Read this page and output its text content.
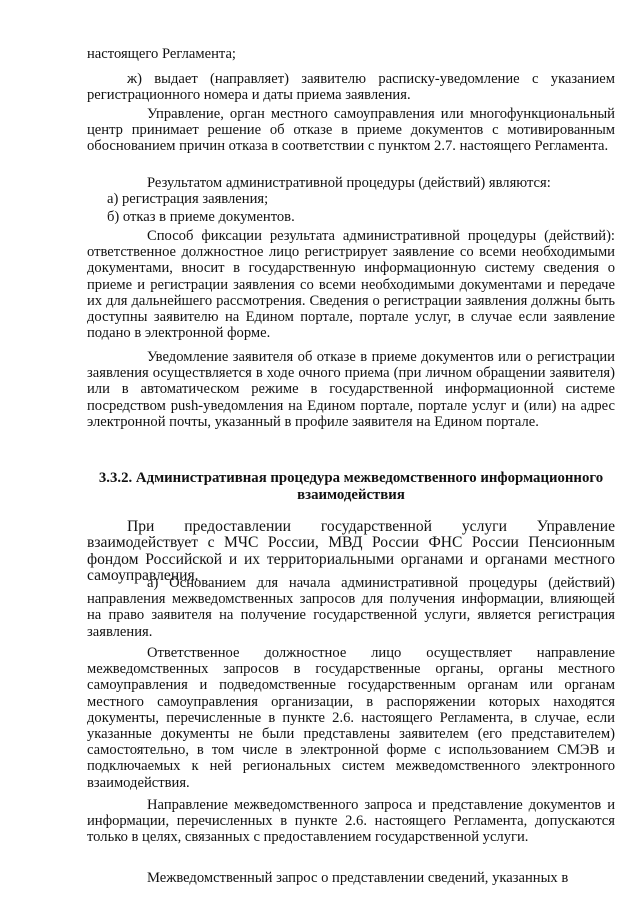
настоящего Регламента;

ж) выдает (направляет) заявителю расписку-уведомление с указанием регистрационного номера и даты приема заявления.

Управление, орган местного самоуправления или многофункциональный центр принимает решение об отказе в приеме документов с мотивированным обоснованием причин отказа в соответствии с пунктом 2.7. настоящего Регламента.

Результатом административной процедуры (действий) являются:

а) регистрация заявления;

б) отказ в приеме документов.

Способ фиксации результата административной процедуры (действий): ответственное должностное лицо регистрирует заявление со всеми необходимыми документами, вносит в государственную информационную систему сведения о приеме и регистрации заявления со всеми необходимыми документами и передаче их для дальнейшего рассмотрения. Сведения о регистрации заявления должны быть доступны заявителю на Едином портале, портале услуг, в случае если заявление подано в электронной форме.

Уведомление заявителя об отказе в приеме документов или о регистрации заявления осуществляется в ходе очного приема (при личном обращении заявителя) или в автоматическом режиме в государственной информационной системе посредством push-уведомления на Едином портале, портале услуг и (или) на адрес электронной почты, указанный в профиле заявителя на Едином портале.

3.3.2. Административная процедура межведомственного информационного взаимодействия

При предоставлении государственной услуги Управление взаимодействует с МЧС России, МВД России ФНС России Пенсионным фондом Российской и их территориальными органами и органами местного самоуправления.

а) Основанием для начала административной процедуры (действий) направления межведомственных запросов для получения информации, влияющей на право заявителя на получение государственной услуги, является регистрация заявления.

Ответственное должностное лицо осуществляет направление межведомственных запросов в государственные органы, органы местного самоуправления и подведомственные государственным органам или органам местного самоуправления организации, в распоряжении которых находятся документы, перечисленные в пункте 2.6. настоящего Регламента, в случае, если указанные документы не были представлены заявителем (его представителем) самостоятельно, в том числе в электронной форме с использованием СМЭВ и подключаемых к ней региональных систем межведомственного электронного взаимодействия.

Направление межведомственного запроса и представление документов и информации, перечисленных в пункте 2.6. настоящего Регламента, допускаются только в целях, связанных с предоставлением государственной услуги.

Межведомственный запрос о представлении сведений, указанных в
